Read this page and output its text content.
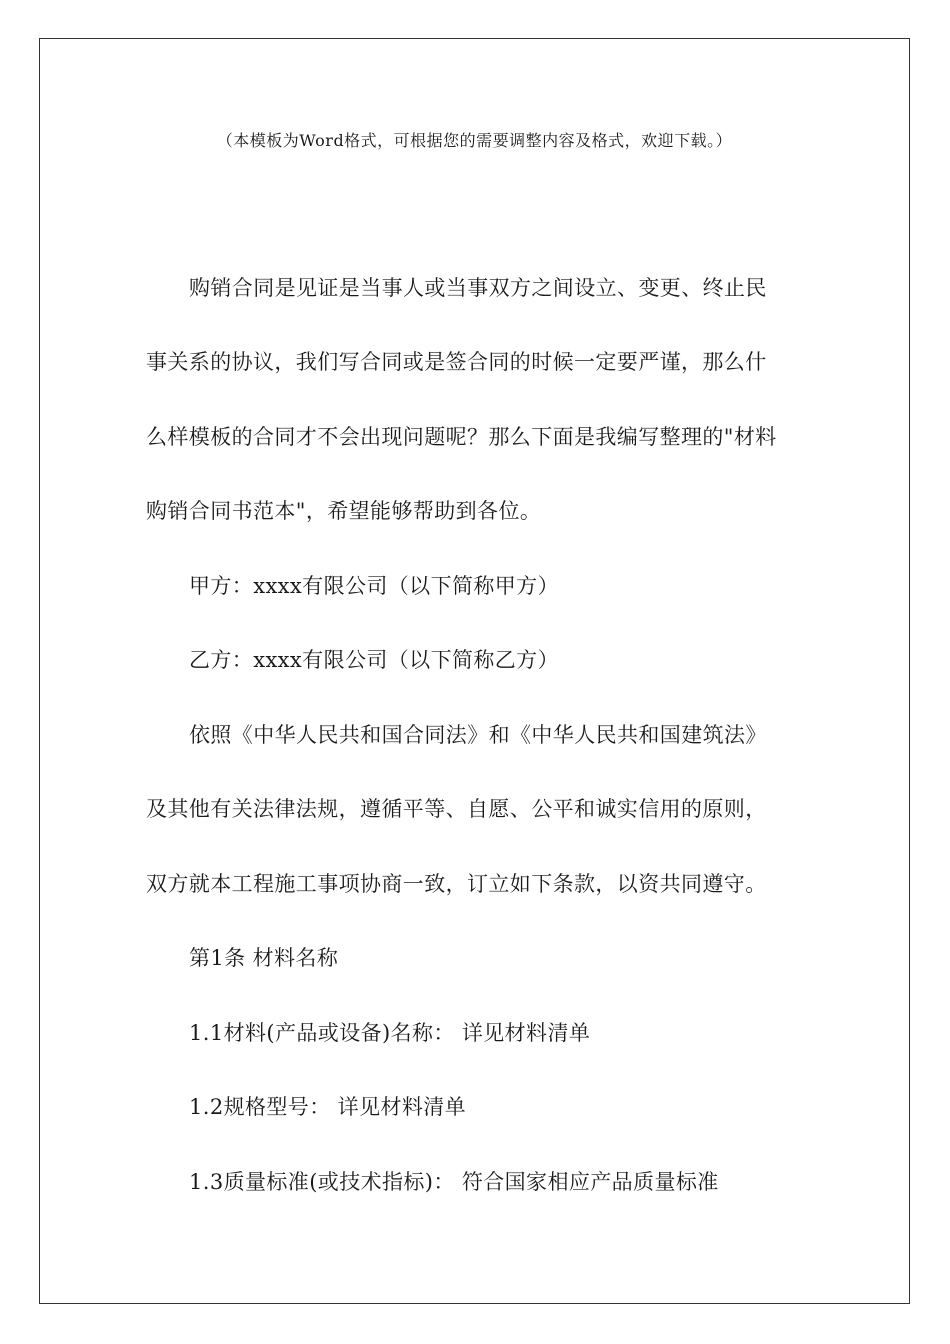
（本模板为Word格式，可根据您的需要调整内容及格式，欢迎下载。）
购销合同是见证是当事人或当事双方之间设立、变更、终止民
事关系的协议，我们写合同或是签合同的时候一定要严谨，那么什
么样模板的合同才不会出现问题呢？那么下面是我编写整理的"材料
购销合同书范本"，希望能够帮助到各位。
甲方：xxxx有限公司（以下简称甲方）
乙方：xxxx有限公司（以下简称乙方）
依照《中华人民共和国合同法》和《中华人民共和国建筑法》
及其他有关法律法规，遵循平等、自愿、公平和诚实信用的原则，
双方就本工程施工事项协商一致，订立如下条款，以资共同遵守。
第1条 材料名称
1.1材料(产品或设备)名称： 详见材料清单
1.2规格型号： 详见材料清单
1.3质量标准(或技术指标)： 符合国家相应产品质量标准
